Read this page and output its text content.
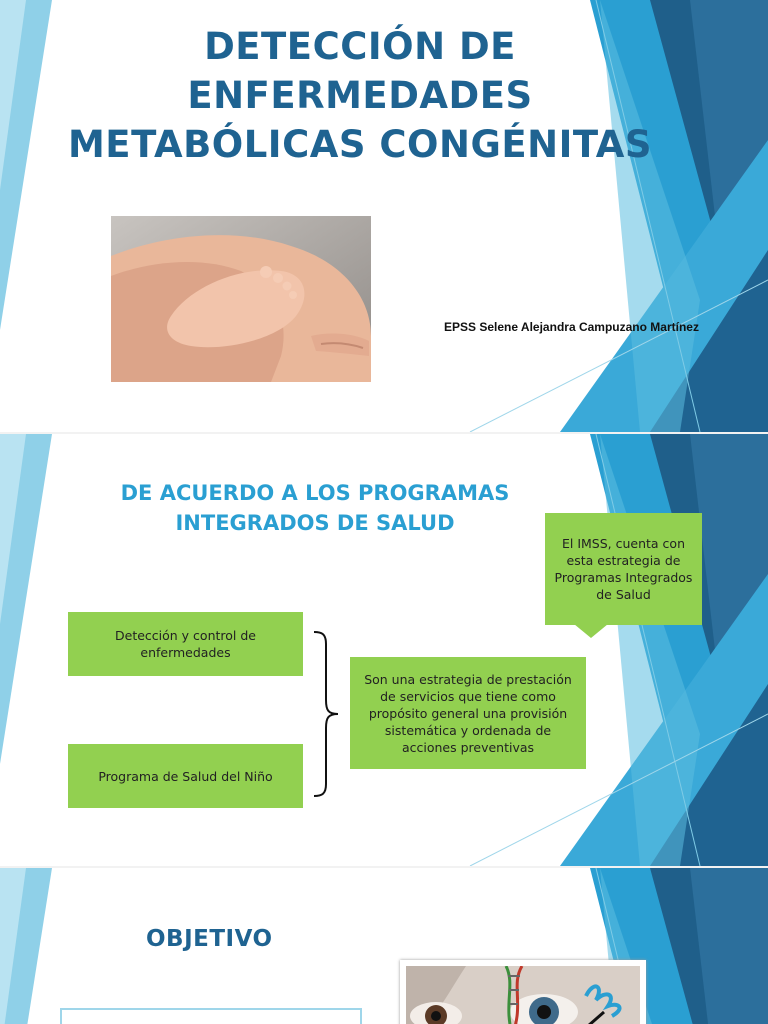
DETECCIÓN DE
ENFERMEDADES
METABÓLICAS CONGÉNITAS
EPSS Selene Alejandra Campuzano Martínez
DE ACUERDO A LOS PROGRAMAS
INTEGRADOS DE SALUD
El IMSS, cuenta con esta estrategia de Programas Integrados de Salud
Detección y control de enfermedades
Programa de Salud del Niño
Son una estrategia de prestación de servicios que tiene como propósito general una provisión sistemática y ordenada de acciones preventivas
OBJETIVO
